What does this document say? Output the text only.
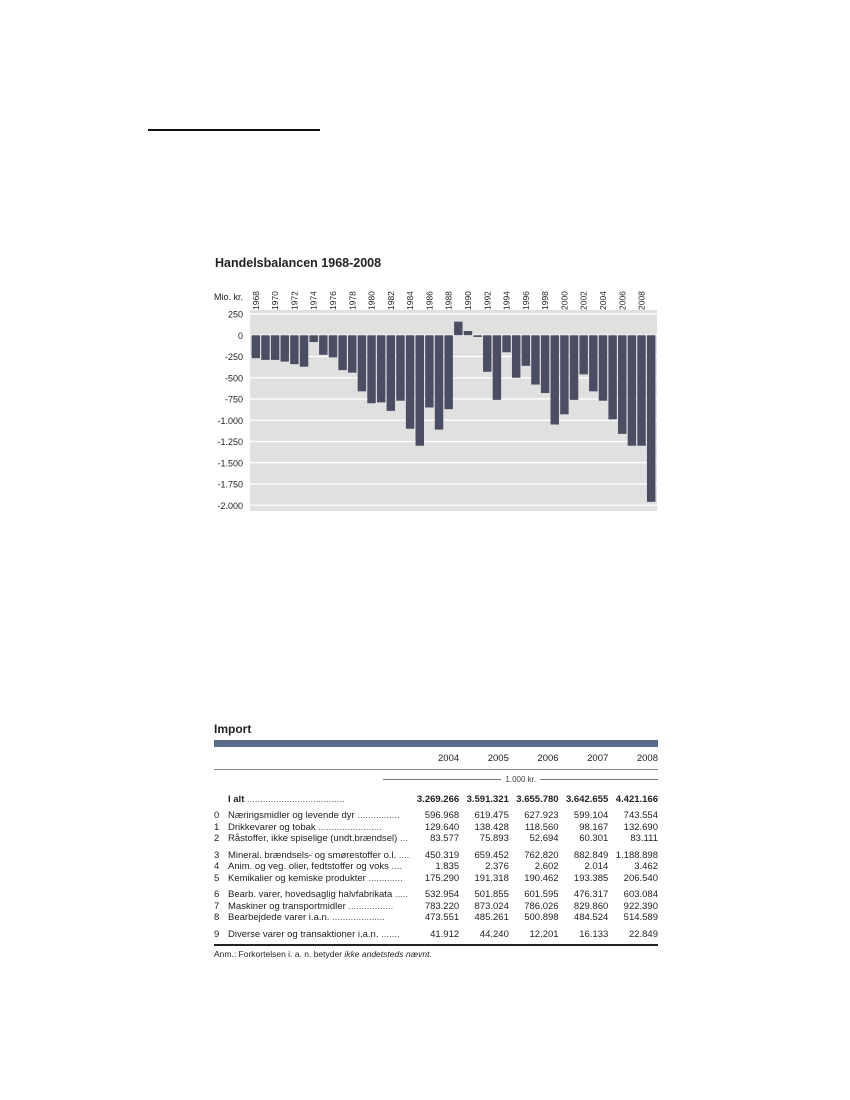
Handelsbalancen 1968-2008
250
0
-250
-500
-750
-1.000
-1.250
-1.500
-1.750
-2.000
Mio. kr. 1968 1970 1972 1974 1976 1978 1980 1982 1984 1986 1988 1990 1992 1994 1996 1998 2000 2002 2004 2006 2008
Import
	2004	2005	2006	2007	2008

	1.000 kr.				

I alt .....................................	3.269.266	3.591.321	3.655.780	3.642.655	4.421.166
0 Næringsmidler og levende dyr ................	596.968	619.475	627.923	599.104	743.554
1 Drikkevarer og tobak ........................	129.640	138.428	118.560	98.167	132.690
2 Råstoffer, ikke spiselige (undt.brændsel) ...	83.577	75.893	52.694	60.301	83.111

3 Mineral. brændsels- og smørestoffer o.l. ....	450.319	659.452	762.820	882.849	1.188.898
4 Anim. og veg. olier, fedtstoffer og voks ....	1.835	2.376	2.602	2.014	3.462
5 Kemikalier og kemiske produkter .............	175.290	191.318	190.462	193.385	206.540

6 Bearb. varer, hovedsaglig halvfabrikata .....	532.954	501.855	601.595	476.317	603.084
7 Maskiner og transportmidler .................	783.220	873.024	786.026	829.860	922.390
8 Bearbejdede varer i.a.n. ....................	473.551	485.261	500.898	484.524	514.589

9 Diverse varer og transaktioner i.a.n. .......	41.912	44.240	12.201	16.133	22.849
Anm.: Forkortelsen i. a. n. betyder ikke andetsteds nævnt.
